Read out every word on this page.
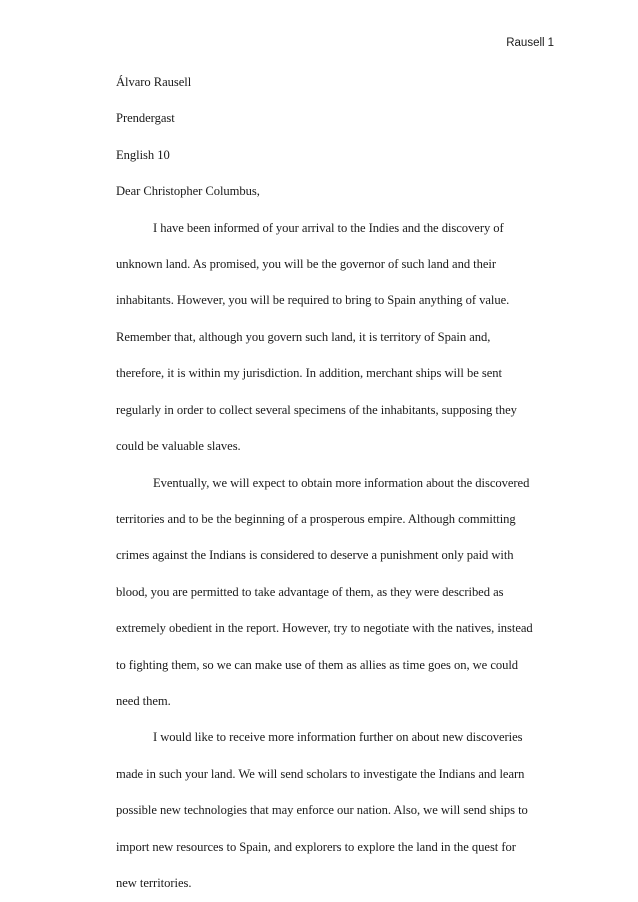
Rausell 1
Álvaro Rausell
Prendergast
English 10
Dear Christopher Columbus,
I have been informed of your arrival to the Indies and the discovery of
unknown land. As promised, you will be the governor of such land and their
inhabitants. However, you will be required to bring to Spain anything of value.
Remember that, although you govern such land, it is territory of Spain and,
therefore, it is within my jurisdiction. In addition, merchant ships will be sent
regularly in order to collect several specimens of the inhabitants, supposing they
could be valuable slaves.
Eventually, we will expect to obtain more information about the discovered
territories and to be the beginning of a prosperous empire. Although committing
crimes against the Indians is considered to deserve a punishment only paid with
blood, you are permitted to take advantage of them, as they were described as
extremely obedient in the report. However, try to negotiate with the natives, instead
to fighting them, so we can make use of them as allies as time goes on, we could
need them.
I would like to receive more information further on about new discoveries
made in such your land. We will send scholars to investigate the Indians and learn
possible new technologies that may enforce our nation. Also, we will send ships to
import new resources to Spain, and explorers to explore the land in the quest for
new territories.
